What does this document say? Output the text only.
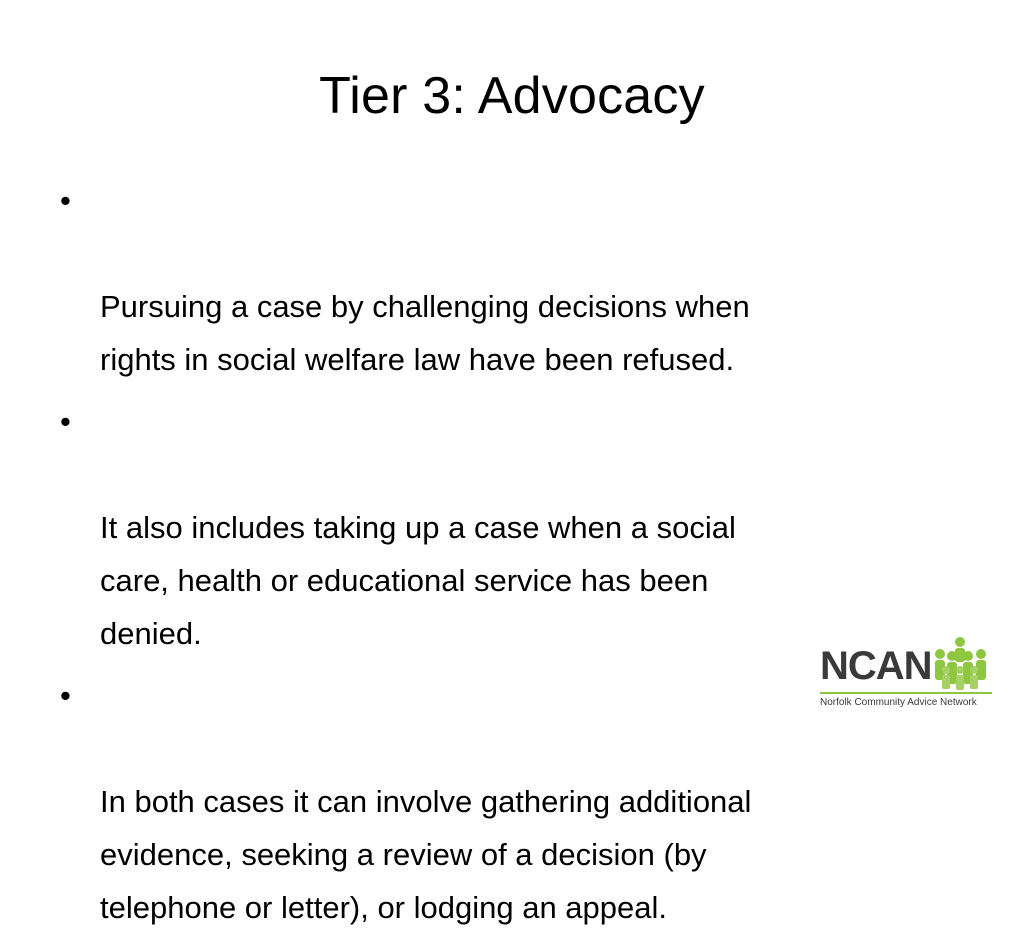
Tier 3: Advocacy

•

Pursuing a case by challenging decisions when
rights in social welfare law have been refused.

•

It also includes taking up a case when a social
care, health or educational service has been
denied.

•

In both cases it can involve gathering additional
evidence, seeking a review of a decision (by
telephone or letter), or lodging an appeal.

NCAN
Norfolk Community Advice Network
